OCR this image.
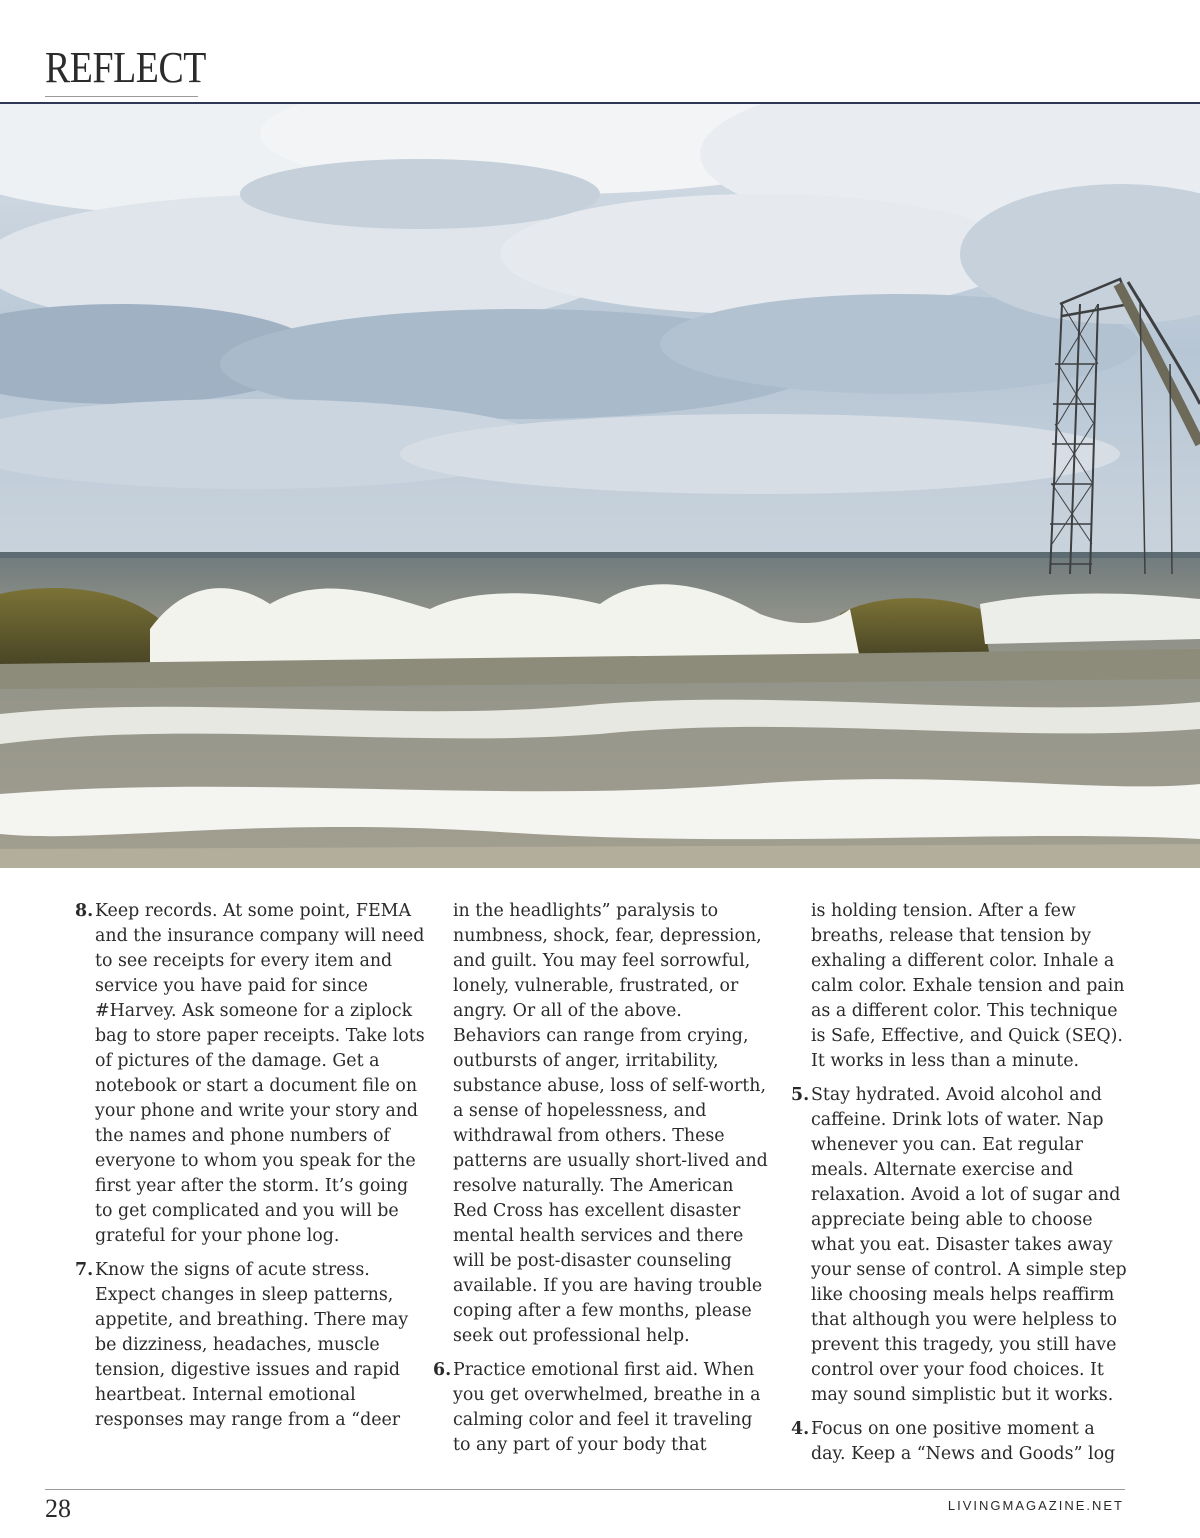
REFLECT

8. Keep records. At some point, FEMA and the insurance company will need to see receipts for every item and service you have paid for since #Harvey. Ask someone for a ziplock bag to store paper receipts. Take lots of pictures of the damage. Get a notebook or start a document file on your phone and write your story and the names and phone numbers of everyone to whom you speak for the first year after the storm. It’s going to get complicated and you will be grateful for your phone log.

7. Know the signs of acute stress. Expect changes in sleep patterns, appetite, and breathing. There may be dizziness, headaches, muscle tension, digestive issues and rapid heartbeat. Internal emotional responses may range from a “deer

in the headlights” paralysis to numbness, shock, fear, depression, and guilt. You may feel sorrowful, lonely, vulnerable, frustrated, or angry. Or all of the above. Behaviors can range from crying, outbursts of anger, irritability, substance abuse, loss of self-worth, a sense of hopelessness, and withdrawal from others. These patterns are usually short-lived and resolve naturally. The American Red Cross has excellent disaster mental health services and there will be post-disaster counseling available. If you are having trouble coping after a few months, please seek out professional help.

6. Practice emotional first aid. When you get overwhelmed, breathe in a calming color and feel it traveling to any part of your body that

is holding tension. After a few breaths, release that tension by exhaling a different color. Inhale a calm color. Exhale tension and pain as a different color. This technique is Safe, Effective, and Quick (SEQ). It works in less than a minute.

5. Stay hydrated. Avoid alcohol and caffeine. Drink lots of water. Nap whenever you can. Eat regular meals. Alternate exercise and relaxation. Avoid a lot of sugar and appreciate being able to choose what you eat. Disaster takes away your sense of control. A simple step like choosing meals helps reaffirm that although you were helpless to prevent this tragedy, you still have control over your food choices. It may sound simplistic but it works.

4. Focus on one positive moment a day. Keep a “News and Goods” log

28	LIVINGMAGAZINE.NET
